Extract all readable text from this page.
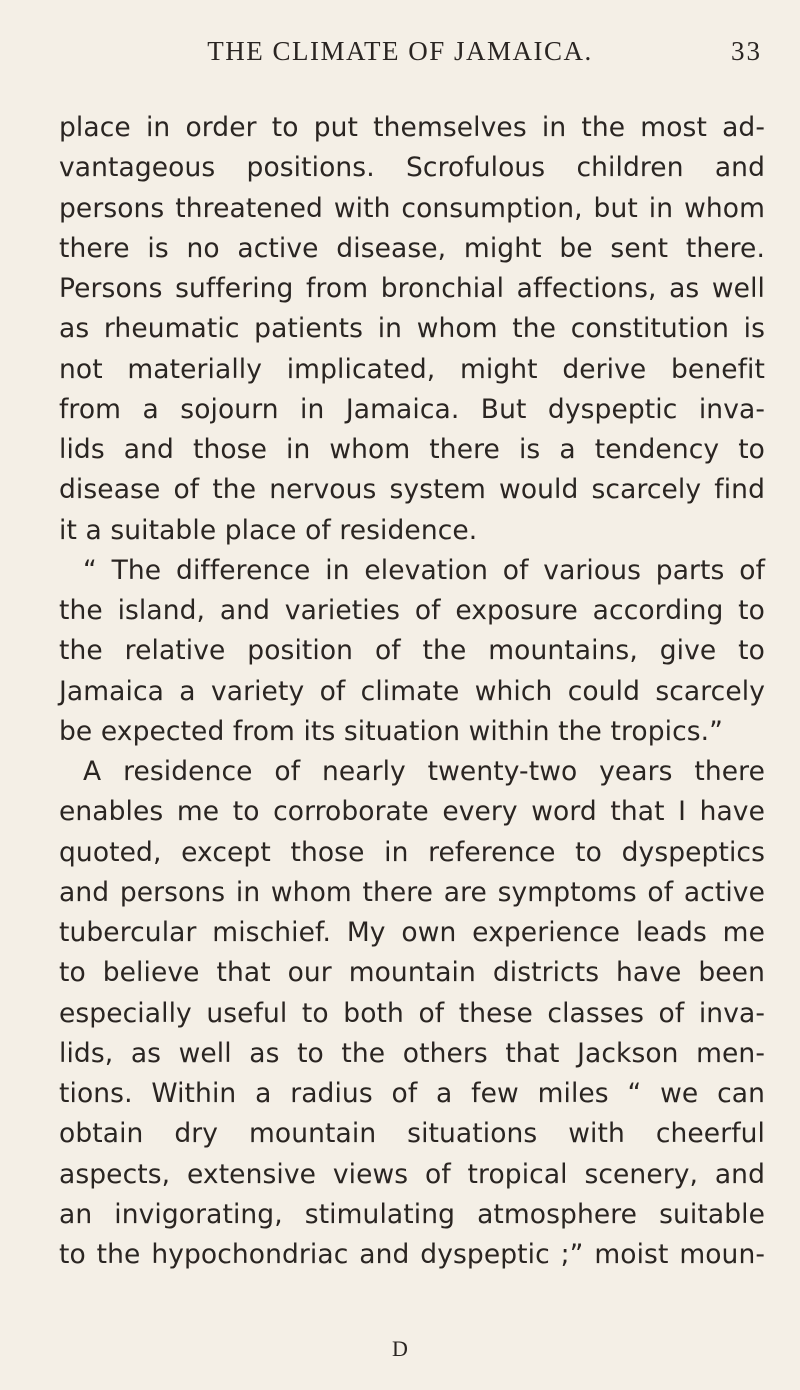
THE CLIMATE OF JAMAICA.	33
place in order to put themselves in the most ad-
vantageous positions. Scrofulous children and
persons threatened with consumption, but in whom
there is no active disease, might be sent there.
Persons suffering from bronchial affections, as well
as rheumatic patients in whom the constitution is
not materially implicated, might derive benefit
from a sojourn in Jamaica. But dyspeptic inva-
lids and those in whom there is a tendency to
disease of the nervous system would scarcely find
it a suitable place of residence.
“ The difference in elevation of various parts of
the island, and varieties of exposure according to
the relative position of the mountains, give to
Jamaica a variety of climate which could scarcely
be expected from its situation within the tropics.”
A residence of nearly twenty-two years there
enables me to corroborate every word that I have
quoted, except those in reference to dyspeptics
and persons in whom there are symptoms of active
tubercular mischief. My own experience leads me
to believe that our mountain districts have been
especially useful to both of these classes of inva-
lids, as well as to the others that Jackson men-
tions. Within a radius of a few miles “ we can
obtain dry mountain situations with cheerful
aspects, extensive views of tropical scenery, and
an invigorating, stimulating atmosphere suitable
to the hypochondriac and dyspeptic ;” moist moun-
D
